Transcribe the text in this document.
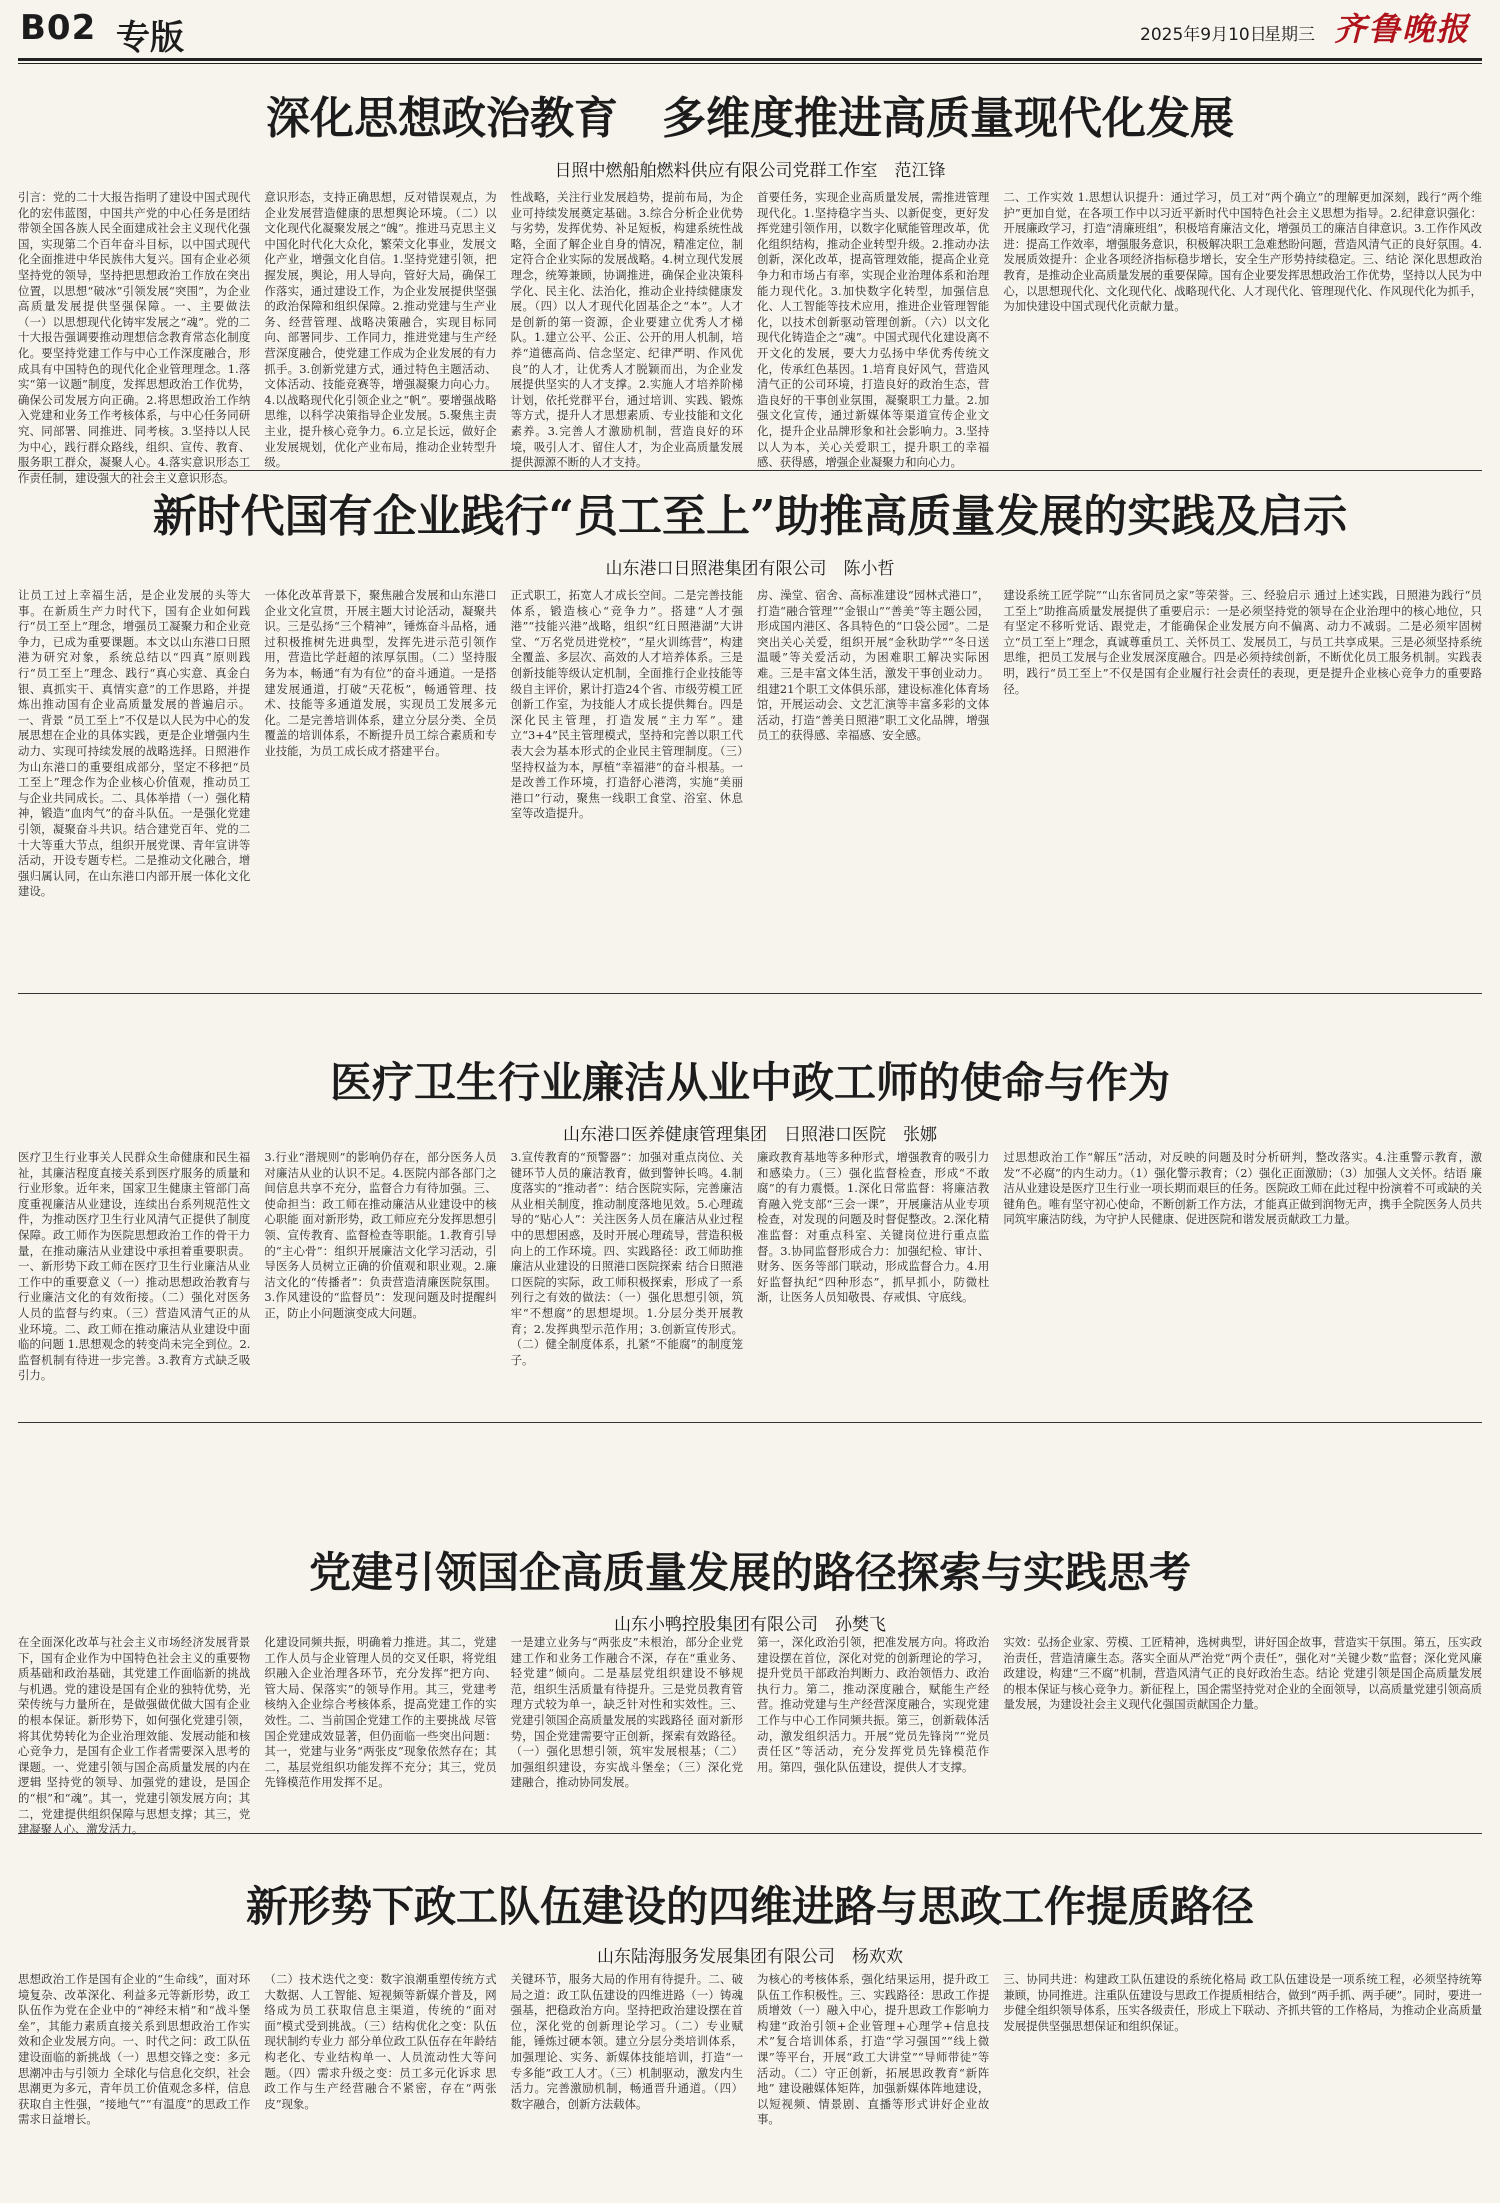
B02 专版	2025年9月10日
星期三 齐鲁晚报
深化思想政治教育　多维度推进高质量现代化发展
日照中燃船舶燃料供应有限公司党群工作室　范江锋

引言：党的二十大报告指明了建设中国式现代化的宏伟蓝图，中国共产党的中心任务是团结带领全国各族人民全面建成社会主义现代化强国，实现第二个百年奋斗目标，以中国式现代化全面推进中华民族伟大复兴。国有企业必须坚持党的领导，坚持把思想政治工作放在突出位置，以思想“破冰”引领发展“突围”，为企业高质量发展提供坚强保障。一、主要做法（一）以思想现代化铸牢发展之“魂”。党的二十大报告强调要推动理想信念教育常态化制度化。要坚持党建工作与中心工作深度融合，形成具有中国特色的现代化企业管理理念。1.落实“第一议题”制度，发挥思想政治工作优势，确保公司发展方向正确。2.将思想政治工作纳入党建和业务工作考核体系，与中心任务同研究、同部署、同推进、同考核。3.坚持以人民为中心，践行群众路线，组织、宣传、教育、服务职工群众，凝聚人心。4.落实意识形态工作责任制，建设强大的社会主义意识形态。

意识形态，支持正确思想，反对错误观点，为企业发展营造健康的思想舆论环境。（二）以文化现代化凝聚发展之“魄”。推进马克思主义中国化时代化大众化，繁荣文化事业，发展文化产业，增强文化自信。1.坚持党建引领，把握发展，舆论，用人导向，管好大局，确保工作落实，通过建设工作，为企业发展提供坚强的政治保障和组织保障。2.推动党建与生产业务、经营管理、战略决策融合，实现目标同向、部署同步、工作同力，推进党建与生产经营深度融合，使党建工作成为企业发展的有力抓手。3.创新党建方式，通过特色主题活动、文体活动、技能竞赛等，增强凝聚力向心力。4.以战略现代化引领企业之“帆”。要增强战略思维，以科学决策指导企业发展。5.聚焦主责主业，提升核心竞争力。6.立足长远，做好企业发展规划，优化产业布局，推动企业转型升级。

性战略，关注行业发展趋势，提前布局，为企业可持续发展奠定基础。3.综合分析企业优势与劣势，发挥优势、补足短板，构建系统性战略，全面了解企业自身的情况，精准定位，制定符合企业实际的发展战略。4.树立现代发展理念，统筹兼顾，协调推进，确保企业决策科学化、民主化、法治化，推动企业持续健康发展。（四）以人才现代化固基企之“本”。人才是创新的第一资源，企业要建立优秀人才梯队。1.建立公平、公正、公开的用人机制，培养“道德高尚、信念坚定、纪律严明、作风优良”的人才，让优秀人才脱颖而出，为企业发展提供坚实的人才支撑。2.实施人才培养阶梯计划，依托党群平台，通过培训、实践、锻炼等方式，提升人才思想素质、专业技能和文化素养。3.完善人才激励机制，营造良好的环境，吸引人才、留住人才，为企业高质量发展提供源源不断的人才支持。

首要任务，实现企业高质量发展，需推进管理现代化。1.坚持稳字当头、以新促变，更好发挥党建引领作用，以数字化赋能管理改革，优化组织结构，推动企业转型升级。2.推动办法创新，深化改革，提高管理效能，提高企业竞争力和市场占有率，实现企业治理体系和治理能力现代化。3.加快数字化转型，加强信息化、人工智能等技术应用，推进企业管理智能化，以技术创新驱动管理创新。（六）以文化现代化铸造企之“魂”。中国式现代化建设离不开文化的发展，要大力弘扬中华优秀传统文化，传承红色基因。1.培育良好风气，营造风清气正的公司环境，打造良好的政治生态，营造良好的干事创业氛围，凝聚职工力量。2.加强文化宣传，通过新媒体等渠道宣传企业文化，提升企业品牌形象和社会影响力。3.坚持以人为本，关心关爱职工，提升职工的幸福感、获得感，增强企业凝聚力和向心力。

二、工作实效 1.思想认识提升：通过学习，员工对“两个确立”的理解更加深刻，践行“两个维护”更加自觉，在各项工作中以习近平新时代中国特色社会主义思想为指导。2.纪律意识强化：开展廉政学习，打造“清廉班组”，积极培育廉洁文化，增强员工的廉洁自律意识。3.工作作风改进：提高工作效率，增强服务意识，积极解决职工急难愁盼问题，营造风清气正的良好氛围。4.发展质效提升：企业各项经济指标稳步增长，安全生产形势持续稳定。三、结论 深化思想政治教育，是推动企业高质量发展的重要保障。国有企业要发挥思想政治工作优势，坚持以人民为中心，以思想现代化、文化现代化、战略现代化、人才现代化、管理现代化、作风现代化为抓手，为加快建设中国式现代化贡献力量。

新时代国有企业践行“员工至上”助推高质量发展的实践及启示
山东港口日照港集团有限公司　陈小哲

让员工过上幸福生活，是企业发展的头等大事。在新质生产力时代下，国有企业如何践行“员工至上”理念，增强员工凝聚力和企业竞争力，已成为重要课题。本文以山东港口日照港为研究对象，系统总结以“四真”原则践行“员工至上”理念、践行“真心实意、真金白银、真抓实干、真情实意”的工作思路，并提炼出推动国有企业高质量发展的普遍启示。一、背景 “员工至上”不仅是以人民为中心的发展思想在企业的具体实践，更是企业增强内生动力、实现可持续发展的战略选择。日照港作为山东港口的重要组成部分，坚定不移把“员工至上”理念作为企业核心价值观，推动员工与企业共同成长。二、具体举措（一）强化精神，锻造“血肉气”的奋斗队伍。一是强化党建引领，凝聚奋斗共识。结合建党百年、党的二十大等重大节点，组织开展党课、青年宣讲等活动，开设专题专栏。二是推动文化融合，增强归属认同，在山东港口内部开展一体化文化建设。

一体化改革背景下，聚焦融合发展和山东港口企业文化宣贯，开展主题大讨论活动，凝聚共识。三是弘扬“三个精神”，锤炼奋斗品格，通过积极推树先进典型，发挥先进示范引领作用，营造比学赶超的浓厚氛围。（二）坚持服务为本，畅通“有为有位”的奋斗通道。一是搭建发展通道，打破“天花板”，畅通管理、技术、技能等多通道发展，实现员工发展多元化。二是完善培训体系，建立分层分类、全员覆盖的培训体系，不断提升员工综合素质和专业技能，为员工成长成才搭建平台。

正式职工，拓宽人才成长空间。二是完善技能体系，锻造核心“竞争力”。搭建“人才强港”“技能兴港”战略，组织“红日照港湖”大讲堂、“万名党员进党校”，“星火训练营”，构建全覆盖、多层次、高效的人才培养体系。三是创新技能等级认定机制，全面推行企业技能等级自主评价，累计打造24个省、市级劳模工匠创新工作室，为技能人才成长提供舞台。四是深化民主管理，打造发展“主力军”。建立“3+4”民主管理模式，坚持和完善以职工代表大会为基本形式的企业民主管理制度。（三）坚持权益为本，厚植“幸福港”的奋斗根基。一是改善工作环境，打造舒心港湾，实施“美丽港口”行动，聚焦一线职工食堂、浴室、休息室等改造提升。

房、澡堂、宿舍、高标准建设“园林式港口”，打造“融合管理”“金银山”“善美”等主题公园，形成国内港区、各具特色的“口袋公园”。二是突出关心关爱，组织开展“金秋助学”“冬日送温暖”等关爱活动，为困难职工解决实际困难。三是丰富文体生活，激发干事创业动力。组建21个职工文体俱乐部，建设标准化体育场馆，开展运动会、文艺汇演等丰富多彩的文体活动，打造“善美日照港”职工文化品牌，增强员工的获得感、幸福感、安全感。

建设系统工匠学院”“山东省同员之家”等荣誉。三、经验启示 通过上述实践，日照港为践行“员工至上”助推高质量发展提供了重要启示：一是必须坚持党的领导在企业治理中的核心地位，只有坚定不移听党话、跟党走，才能确保企业发展方向不偏离、动力不减弱。二是必须牢固树立“员工至上”理念，真诚尊重员工、关怀员工、发展员工，与员工共享成果。三是必须坚持系统思维，把员工发展与企业发展深度融合。四是必须持续创新，不断优化员工服务机制。实践表明，践行“员工至上”不仅是国有企业履行社会责任的表现，更是提升企业核心竞争力的重要路径。

医疗卫生行业廉洁从业中政工师的使命与作为
山东港口医养健康管理集团　日照港口医院　张娜

医疗卫生行业事关人民群众生命健康和民生福祉，其廉洁程度直接关系到医疗服务的质量和行业形象。近年来，国家卫生健康主管部门高度重视廉洁从业建设，连续出台系列规范性文件，为推动医疗卫生行业风清气正提供了制度保障。政工师作为医院思想政治工作的骨干力量，在推动廉洁从业建设中承担着重要职责。一、新形势下政工师在医疗卫生行业廉洁从业工作中的重要意义（一）推动思想政治教育与行业廉洁文化的有效衔接。（二）强化对医务人员的监督与约束。（三）营造风清气正的从业环境。二、政工师在推动廉洁从业建设中面临的问题 1.思想观念的转变尚未完全到位。2.监督机制有待进一步完善。3.教育方式缺乏吸引力。

3.行业“潜规则”的影响仍存在，部分医务人员对廉洁从业的认识不足。4.医院内部各部门之间信息共享不充分，监督合力有待加强。三、使命担当：政工师在推动廉洁从业建设中的核心职能 面对新形势，政工师应充分发挥思想引领、宣传教育、监督检查等职能。1.教育引导的“主心骨”：组织开展廉洁文化学习活动，引导医务人员树立正确的价值观和职业观。2.廉洁文化的“传播者”：负责营造清廉医院氛围。3.作风建设的“监督员”：发现问题及时提醒纠正，防止小问题演变成大问题。

3.宣传教育的“预警器”：加强对重点岗位、关键环节人员的廉洁教育，做到警钟长鸣。4.制度落实的“推动者”：结合医院实际，完善廉洁从业相关制度，推动制度落地见效。5.心理疏导的“贴心人”：关注医务人员在廉洁从业过程中的思想困惑，及时开展心理疏导，营造积极向上的工作环境。四、实践路径：政工师助推廉洁从业建设的日照港口医院探索 结合日照港口医院的实际，政工师积极探索，形成了一系列行之有效的做法：（一）强化思想引领，筑牢“不想腐”的思想堤坝。1.分层分类开展教育；2.发挥典型示范作用；3.创新宣传形式。（二）健全制度体系，扎紧“不能腐”的制度笼子。

廉政教育基地等多种形式，增强教育的吸引力和感染力。（三）强化监督检查，形成“不敢腐”的有力震慑。1.深化日常监督：将廉洁教育融入党支部“三会一课”，开展廉洁从业专项检查，对发现的问题及时督促整改。2.深化精准监督：对重点科室、关键岗位进行重点监督。3.协同监督形成合力：加强纪检、审计、财务、医务等部门联动，形成监督合力。4.用好监督执纪“四种形态”，抓早抓小，防微杜渐，让医务人员知敬畏、存戒惧、守底线。

过思想政治工作“解压”活动，对反映的问题及时分析研判，整改落实。4.注重警示教育，激发“不必腐”的内生动力。（1）强化警示教育；（2）强化正面激励；（3）加强人文关怀。结语 廉洁从业建设是医疗卫生行业一项长期而艰巨的任务。医院政工师在此过程中扮演着不可或缺的关键角色。唯有坚守初心使命，不断创新工作方法，才能真正做到润物无声，携手全院医务人员共同筑牢廉洁防线，为守护人民健康、促进医院和谐发展贡献政工力量。

党建引领国企高质量发展的路径探索与实践思考
山东小鸭控股集团有限公司　孙樊飞

在全面深化改革与社会主义市场经济发展背景下，国有企业作为中国特色社会主义的重要物质基础和政治基础，其党建工作面临新的挑战与机遇。党的建设是国有企业的独特优势，光荣传统与力量所在，是做强做优做大国有企业的根本保证。新形势下，如何强化党建引领，将其优势转化为企业治理效能、发展动能和核心竞争力，是国有企业工作者需要深入思考的课题。一、党建引领与国企高质量发展的内在逻辑 坚持党的领导、加强党的建设，是国企的“根”和“魂”。其一，党建引领发展方向；其二，党建提供组织保障与思想支撑；其三，党建凝聚人心、激发活力。

化建设同频共振，明确着力推进。其二，党建工作人员与企业管理人员的交叉任职，将党组织融入企业治理各环节，充分发挥“把方向、管大局、保落实”的领导作用。其三，党建考核纳入企业综合考核体系，提高党建工作的实效性。二、当前国企党建工作的主要挑战 尽管国企党建成效显著，但仍面临一些突出问题：其一，党建与业务“两张皮”现象依然存在；其二，基层党组织功能发挥不充分；其三，党员先锋模范作用发挥不足。

一是建立业务与“两张皮”未根治，部分企业党建工作和业务工作融合不深，存在“重业务、轻党建”倾向。二是基层党组织建设不够规范，组织生活质量有待提升。三是党员教育管理方式较为单一，缺乏针对性和实效性。三、党建引领国企高质量发展的实践路径 面对新形势，国企党建需要守正创新，探索有效路径。（一）强化思想引领，筑牢发展根基；（二）加强组织建设，夯实战斗堡垒；（三）深化党建融合，推动协同发展。

第一，深化政治引领，把准发展方向。将政治建设摆在首位，深化对党的创新理论的学习，提升党员干部政治判断力、政治领悟力、政治执行力。第二，推动深度融合，赋能生产经营。推动党建与生产经营深度融合，实现党建工作与中心工作同频共振。第三，创新载体活动，激发组织活力。开展“党员先锋岗”“党员责任区”等活动，充分发挥党员先锋模范作用。第四，强化队伍建设，提供人才支撑。

实效：弘扬企业家、劳模、工匠精神，选树典型，讲好国企故事，营造实干氛围。第五，压实政治责任，营造清廉生态。落实全面从严治党“两个责任”，强化对“关键少数”监督；深化党风廉政建设，构建“三不腐”机制，营造风清气正的良好政治生态。结论 党建引领是国企高质量发展的根本保证与核心竞争力。新征程上，国企需坚持党对企业的全面领导，以高质量党建引领高质量发展，为建设社会主义现代化强国贡献国企力量。

新形势下政工队伍建设的四维进路与思政工作提质路径
山东陆海服务发展集团有限公司　杨欢欢

思想政治工作是国有企业的“生命线”，面对环境复杂、改革深化、利益多元等新形势，政工队伍作为党在企业中的“神经末梢”和“战斗堡垒”，其能力素质直接关系到思想政治工作实效和企业发展方向。一、时代之问：政工队伍建设面临的新挑战（一）思想交锋之变：多元思潮冲击与引领力 全球化与信息化交织，社会思潮更为多元，青年员工价值观念多样，信息获取自主性强，“接地气”“有温度”的思政工作需求日益增长。

（二）技术迭代之变：数字浪潮重塑传统方式 大数据、人工智能、短视频等新媒介普及，网络成为员工获取信息主渠道，传统的“面对面”模式受到挑战。（三）结构优化之变：队伍现状制约专业力 部分单位政工队伍存在年龄结构老化、专业结构单一、人员流动性大等问题。（四）需求升级之变：员工多元化诉求 思政工作与生产经营融合不紧密，存在“两张皮”现象。

关键环节，服务大局的作用有待提升。二、破局之道：政工队伍建设的四维进路（一）铸魂强基，把稳政治方向。坚持把政治建设摆在首位，深化党的创新理论学习。（二）专业赋能，锤炼过硬本领。建立分层分类培训体系，加强理论、实务、新媒体技能培训，打造“一专多能”政工人才。（三）机制驱动，激发内生活力。完善激励机制，畅通晋升通道。（四）数字融合，创新方法载体。

为核心的考核体系，强化结果运用，提升政工队伍工作积极性。三、实践路径：思政工作提质增效（一）融入中心，提升思政工作影响力 构建“政治引领+企业管理+心理学+信息技术”复合培训体系，打造“学习强国”“线上微课”等平台，开展“政工大讲堂”“导师带徒”等活动。（二）守正创新，拓展思政教育“新阵地” 建设融媒体矩阵，加强新媒体阵地建设，以短视频、情景剧、直播等形式讲好企业故事。

三、协同共进：构建政工队伍建设的系统化格局 政工队伍建设是一项系统工程，必须坚持统筹兼顾，协同推进。注重队伍建设与思政工作提质相结合，做到“两手抓、两手硬”。同时，要进一步健全组织领导体系，压实各级责任，形成上下联动、齐抓共管的工作格局，为推动企业高质量发展提供坚强思想保证和组织保证。
